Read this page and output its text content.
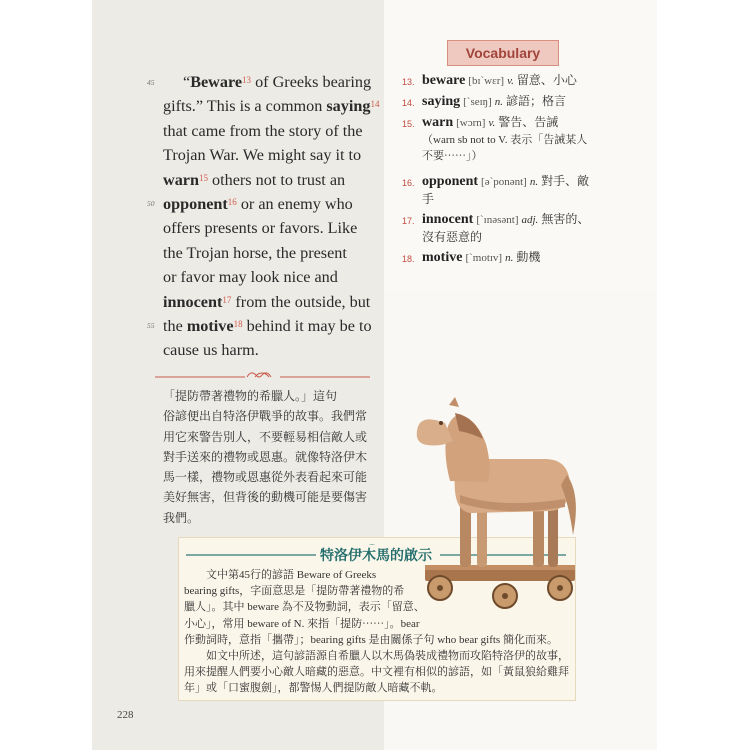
45 “Beware$^{13}$ of Greeks bearing
gifts.” This is a common saying$^{14}$
that came from the story of the
Trojan War. We might say it to
warn$^{15}$ others not to trust an
50 opponent$^{16}$ or an enemy who
offers presents or favors. Like
the Trojan horse, the present
or favor may look nice and
innocent$^{17}$ from the outside, but
55 the motive$^{18}$ behind it may be to
cause us harm.
「提防帶著禮物的希臘人。」這句
俗諺便出自特洛伊戰爭的故事。我們常
用它來警告別人，不要輕易相信敵人或
對手送來的禮物或恩惠。就像特洛伊木
馬一樣，禮物或恩惠從外表看起來可能
美好無害，但背後的動機可能是要傷害
我們。
Vocabulary
13. beware [bɪˋwɛr] v. 留意、小心
14. saying [ˋseɪŋ] n. 諺語；格言
15. warn [wɔrn] v. 警告、告誡
（warn sb not to V. 表示「告誡某人不要⋯⋯」）
16. opponent [əˋponənt] n. 對手、敵手
17. innocent [ˋɪnəsənt] adj. 無害的、沒有惡意的
18. motive [ˋmotɪv] n. 動機
特洛伊木馬的啟示
　　文中第45行的諺語 Beware of Greeks
bearing gifts，字面意思是「提防帶著禮物的希
臘人」。其中 beware 為不及物動詞，表示「留意、
小心」，常用 beware of N. 來指「提防⋯⋯」。bear
作動詞時，意指「攜帶」；bearing gifts 是由關係子句 who bear gifts 簡化而來。
　　如文中所述，這句諺語源自希臘人以木馬偽裝成禮物而攻陷特洛伊的故事，
用來提醒人們要小心敵人暗藏的惡意。中文裡有相似的諺語，如「黃鼠狼給雞拜
年」或「口蜜腹劍」，都警惕人們提防敵人暗藏不軌。
228
